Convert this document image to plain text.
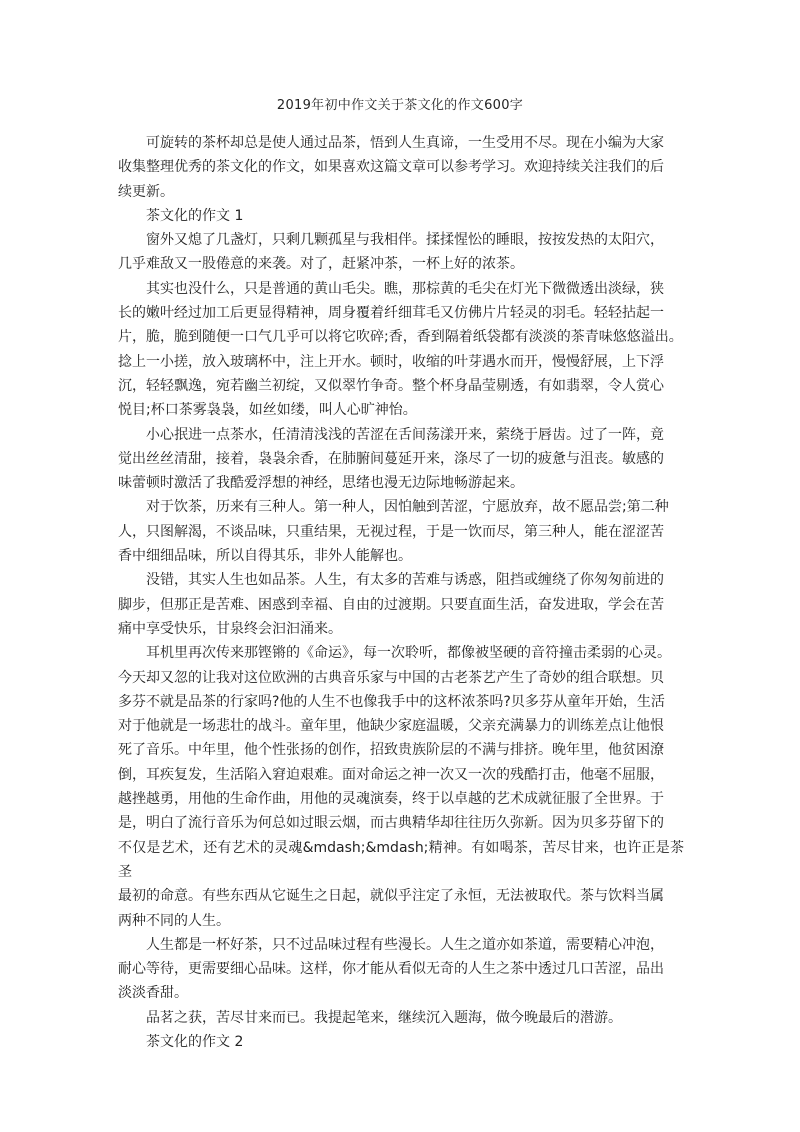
2019年初中作文关于茶文化的作文600字

可旋转的茶杯却总是使人通过品茶，悟到人生真谛，一生受用不尽。现在小编为大家
收集整理优秀的茶文化的作文，如果喜欢这篇文章可以参考学习。欢迎持续关注我们的后
续更新。

茶文化的作文 1

窗外又熄了几盏灯，只剩几颗孤星与我相伴。揉揉惺忪的睡眼，按按发热的太阳穴，
几乎难敌又一股倦意的来袭。对了，赶紧冲茶，一杯上好的浓茶。

其实也没什么，只是普通的黄山毛尖。瞧，那棕黄的毛尖在灯光下微微透出淡绿，狭
长的嫩叶经过加工后更显得精神，周身覆着纤细茸毛又仿佛片片轻灵的羽毛。轻轻拈起一
片，脆，脆到随便一口气几乎可以将它吹碎;香，香到隔着纸袋都有淡淡的茶青味悠悠溢出。
捻上一小搓，放入玻璃杯中，注上开水。顿时，收缩的叶芽遇水而开，慢慢舒展，上下浮
沉，轻轻飘逸，宛若幽兰初绽，又似翠竹争奇。整个杯身晶莹剔透，有如翡翠，令人赏心
悦目;杯口茶雾袅袅，如丝如缕，叫人心旷神怡。

小心抿进一点茶水，任清清浅浅的苦涩在舌间荡漾开来，萦绕于唇齿。过了一阵，竟
觉出丝丝清甜，接着，袅袅余香，在肺腑间蔓延开来，涤尽了一切的疲惫与沮丧。敏感的
味蕾顿时激活了我酷爱浮想的神经，思绪也漫无边际地畅游起来。

对于饮茶，历来有三种人。第一种人，因怕触到苦涩，宁愿放弃，故不愿品尝;第二种
人，只图解渴，不谈品味，只重结果，无视过程，于是一饮而尽，第三种人，能在涩涩苦
香中细细品味，所以自得其乐，非外人能解也。

没错，其实人生也如品茶。人生，有太多的苦难与诱惑，阻挡或缠绕了你匆匆前进的
脚步，但那正是苦难、困惑到幸福、自由的过渡期。只要直面生活，奋发进取，学会在苦
痛中享受快乐，甘泉终会汩汩涌来。

耳机里再次传来那铿锵的《命运》，每一次聆听，都像被坚硬的音符撞击柔弱的心灵。
今天却又忽的让我对这位欧洲的古典音乐家与中国的古老茶艺产生了奇妙的组合联想。贝
多芬不就是品茶的行家吗?他的人生不也像我手中的这杯浓茶吗?贝多芬从童年开始，生活
对于他就是一场悲壮的战斗。童年里，他缺少家庭温暖，父亲充满暴力的训练差点让他恨
死了音乐。中年里，他个性张扬的创作，招致贵族阶层的不满与排挤。晚年里，他贫困潦
倒，耳疾复发，生活陷入窘迫艰难。面对命运之神一次又一次的残酷打击，他毫不屈服，
越挫越勇，用他的生命作曲，用他的灵魂演奏，终于以卓越的艺术成就征服了全世界。于
是，明白了流行音乐为何总如过眼云烟，而古典精华却往往历久弥新。因为贝多芬留下的
不仅是艺术，还有艺术的灵魂&mdash;&mdash;精神。有如喝茶，苦尽甘来，也许正是茶圣
最初的命意。有些东西从它诞生之日起，就似乎注定了永恒，无法被取代。茶与饮料当属
两种不同的人生。

人生都是一杯好茶，只不过品味过程有些漫长。人生之道亦如茶道，需要精心冲泡，
耐心等待，更需要细心品味。这样，你才能从看似无奇的人生之茶中透过几口苦涩，品出
淡淡香甜。

品茗之获，苦尽甘来而已。我提起笔来，继续沉入题海，做今晚最后的潜游。

茶文化的作文 2
